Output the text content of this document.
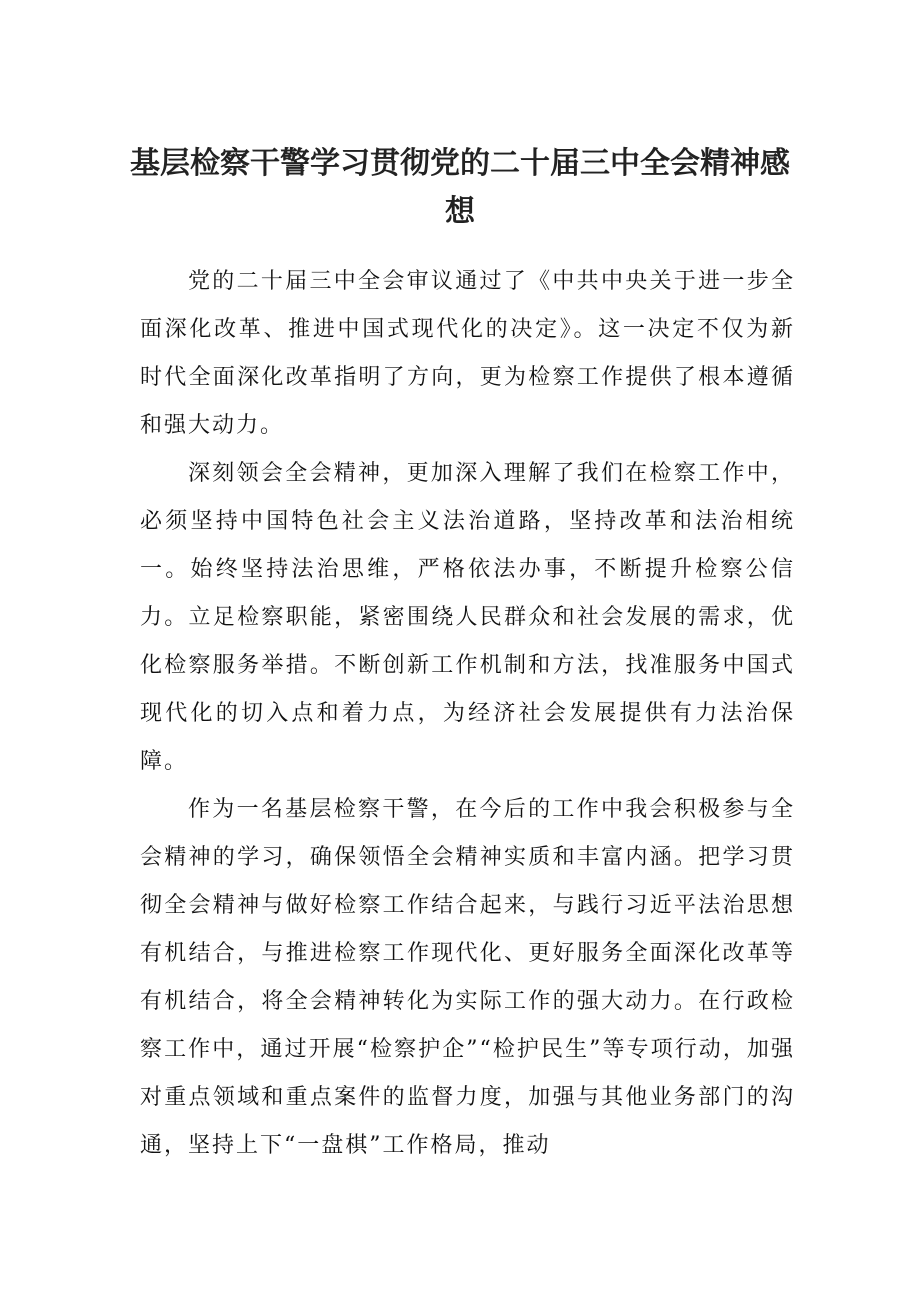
基层检察干警学习贯彻党的二十届三中全会精神感想

党的二十届三中全会审议通过了《中共中央关于进一步全面深化改革、推进中国式现代化的决定》。这一决定不仅为新时代全面深化改革指明了方向，更为检察工作提供了根本遵循和强大动力。

深刻领会全会精神，更加深入理解了我们在检察工作中，必须坚持中国特色社会主义法治道路，坚持改革和法治相统一。始终坚持法治思维，严格依法办事，不断提升检察公信力。立足检察职能，紧密围绕人民群众和社会发展的需求，优化检察服务举措。不断创新工作机制和方法，找准服务中国式现代化的切入点和着力点，为经济社会发展提供有力法治保障。

作为一名基层检察干警，在今后的工作中我会积极参与全会精神的学习，确保领悟全会精神实质和丰富内涵。把学习贯彻全会精神与做好检察工作结合起来，与践行习近平法治思想有机结合，与推进检察工作现代化、更好服务全面深化改革等有机结合，将全会精神转化为实际工作的强大动力。在行政检察工作中，通过开展“检察护企”“检护民生”等专项行动，加强对重点领域和重点案件的监督力度，加强与其他业务部门的沟通，坚持上下“一盘棋”工作格局，推动
